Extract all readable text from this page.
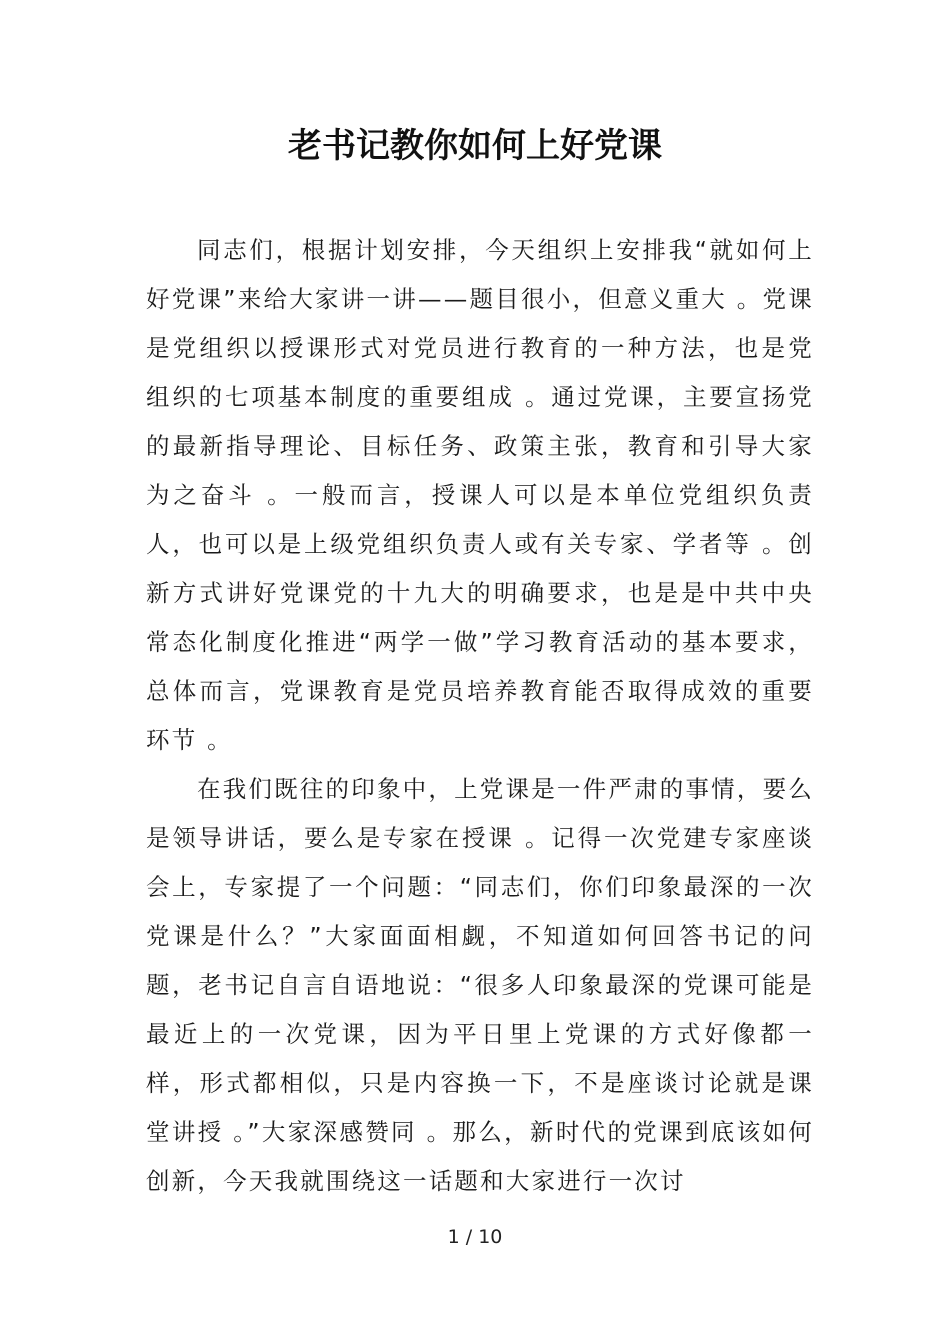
老书记教你如何上好党课

同志们，根据计划安排，今天组织上安排我“就如何上好党课”来给大家讲一讲——题目很小，但意义重大 。党课是党组织以授课形式对党员进行教育的一种方法，也是党组织的七项基本制度的重要组成 。通过党课，主要宣扬党的最新指导理论、目标任务、政策主张，教育和引导大家为之奋斗 。一般而言，授课人可以是本单位党组织负责人，也可以是上级党组织负责人或有关专家、学者等 。创新方式讲好党课党的十九大的明确要求，也是是中共中央常态化制度化推进“两学一做”学习教育活动的基本要求，总体而言，党课教育是党员培养教育能否取得成效的重要环节 。

在我们既往的印象中，上党课是一件严肃的事情，要么是领导讲话，要么是专家在授课 。记得一次党建专家座谈会上，专家提了一个问题：“同志们，你们印象最深的一次党课是什么？”大家面面相觑，不知道如何回答书记的问题，老书记自言自语地说：“很多人印象最深的党课可能是最近上的一次党课，因为平日里上党课的方式好像都一样，形式都相似，只是内容换一下，不是座谈讨论就是课堂讲授 。”大家深感赞同 。那么，新时代的党课到底该如何创新，今天我就围绕这一话题和大家进行一次讨

1 / 10
